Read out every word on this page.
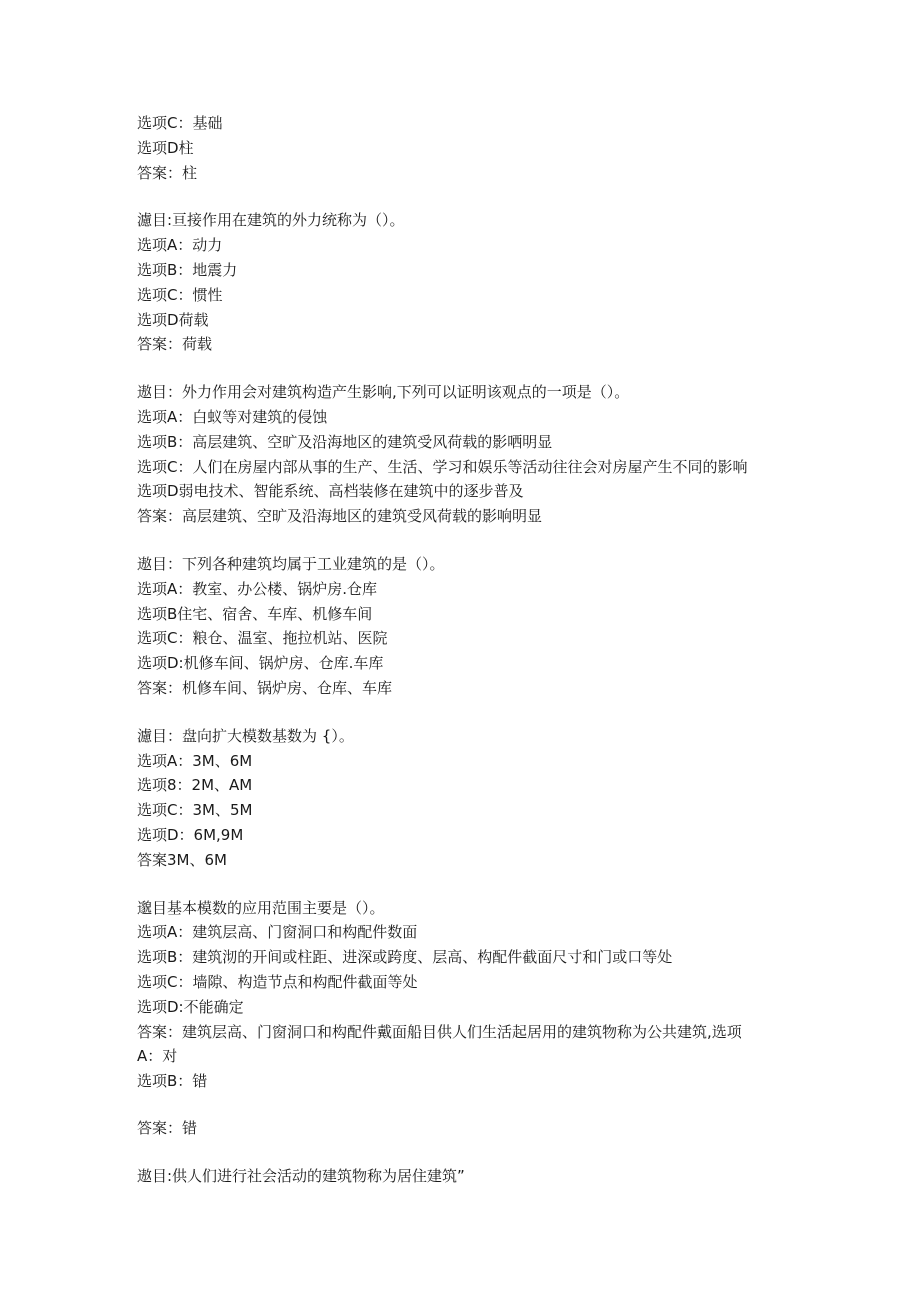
选项C：基础
选项D柱
答案：柱
濾目:亘接作用在建筑的外力统称为（）。
选项A：动力
选项B：地震力
选项C：惯性
选项D荷载
答案：荷载
遨目：外力作用会对建筑构造产生影响,下列可以证明该观点的一项是（）。
选项A：白蚁等对建筑的侵蚀
选项B：高层建筑、空旷及沿海地区的建筑受风荷载的影哂明显
选项C：人们在房屋内部从事的生产、生活、学习和娱乐等活动往往会对房屋产生不同的影响
选项D弱电技术、智能系统、高档装修在建筑中的逐步普及
答案：高层建筑、空旷及沿海地区的建筑受风荷载的影响明显
遨目：下列各种建筑均属于工业建筑的是（）。
选项A：教室、办公楼、锅炉房.仓库
选项B住宅、宿舍、车库、机修车间
选项C：粮仓、温室、拖拉机站、医院
选项D:机修车间、锅炉房、仓库.车库
答案：机修车间、锅炉房、仓库、车库
濾目：盘向扩大模数基数为 {）。
选项A：3M、6M
选项8：2M、AM
选项C：3M、5M
选项D：6M,9M
答案3M、6M
邈目基本模数的应用范围主要是（）。
选项A：建筑层高、门窗洞口和构配件数面
选项B：建筑沏的开间或柱距、进深或跨度、层高、构配件截面尺寸和门或口等处
选项C：墙隙、构造节点和构配件截面等处
选项D:不能确定
答案：建筑层高、门窗洞口和构配件戴面船目供人们生活起居用的建筑物称为公共建筑,选项
A：对
选项B：错
答案：错
遨目:供人们进行社会活动的建筑物称为居住建筑”
